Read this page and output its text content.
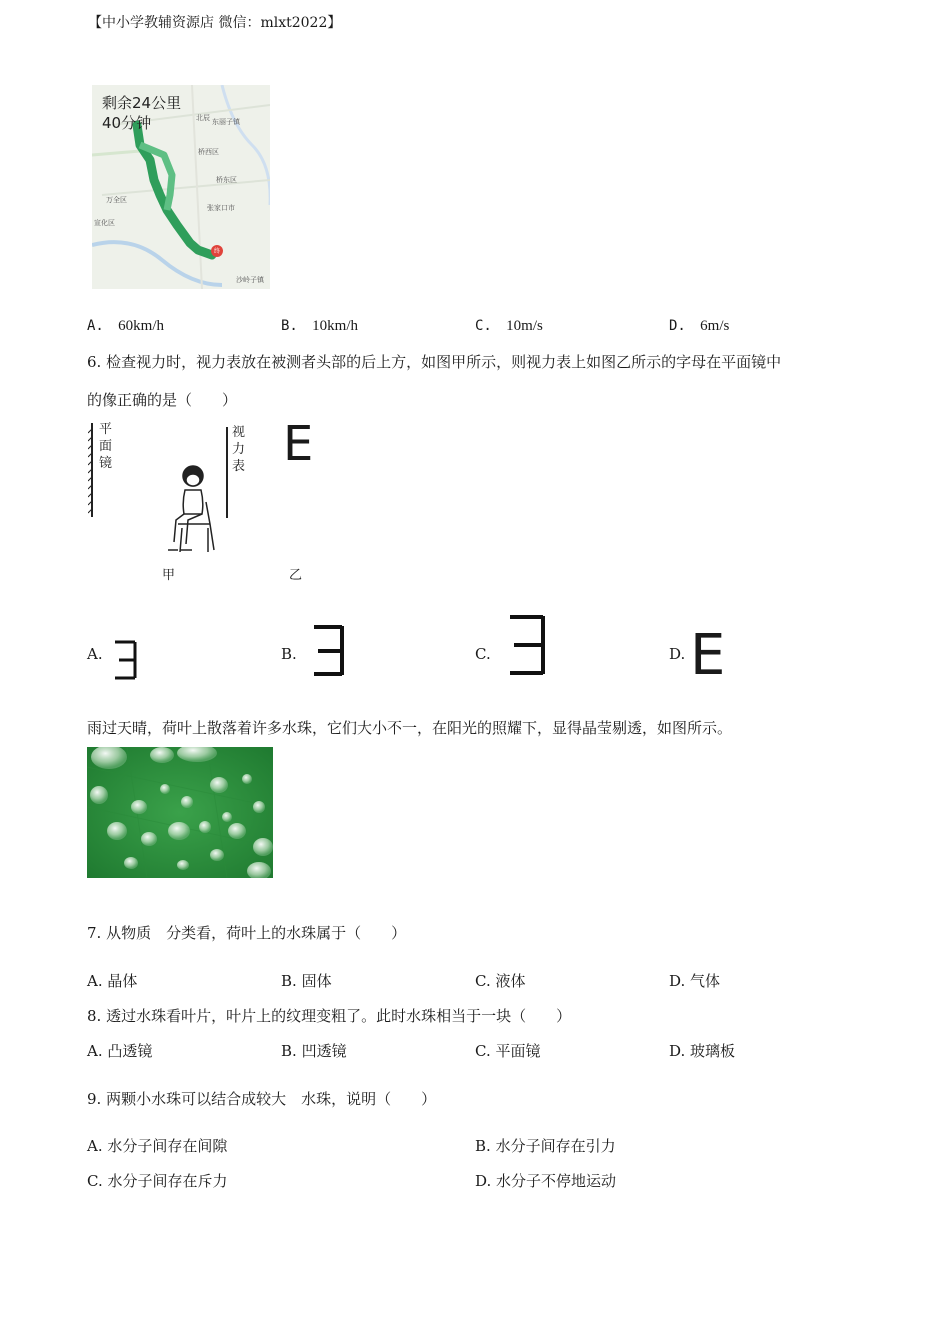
【中小学教辅资源店 微信：mlxt2022】
剩余24公里
40分钟	北辰 东丽子镇
桥西区
桥东区
万全区
张家口市
沙岭子镇
宣化区
终
A. 60km/h	B. 10km/h	C. 10m/s	D. 6m/s
6. 检查视力时，视力表放在被测者头部的后上方，如图甲所示，则视力表上如图乙所示的字母在平面镜中
的像正确的是（　　）
平
面
镜
视
力
表 E
甲	乙
A.	B.	C.	D. E
雨过天晴，荷叶上散落着许多水珠，它们大小不一，在阳光的照耀下，显得晶莹剔透，如图所示。
7. 从物质　分类看，荷叶上的水珠属于（　　）
A. 晶体	B. 固体	C. 液体	D. 气体
8. 透过水珠看叶片，叶片上的纹理变粗了。此时水珠相当于一块（　　）
A. 凸透镜	B. 凹透镜	C. 平面镜	D. 玻璃板
9. 两颗小水珠可以结合成较大　水珠，说明（　　）
A. 水分子间存在间隙	B. 水分子间存在引力
C. 水分子间存在斥力	D. 水分子不停地运动
